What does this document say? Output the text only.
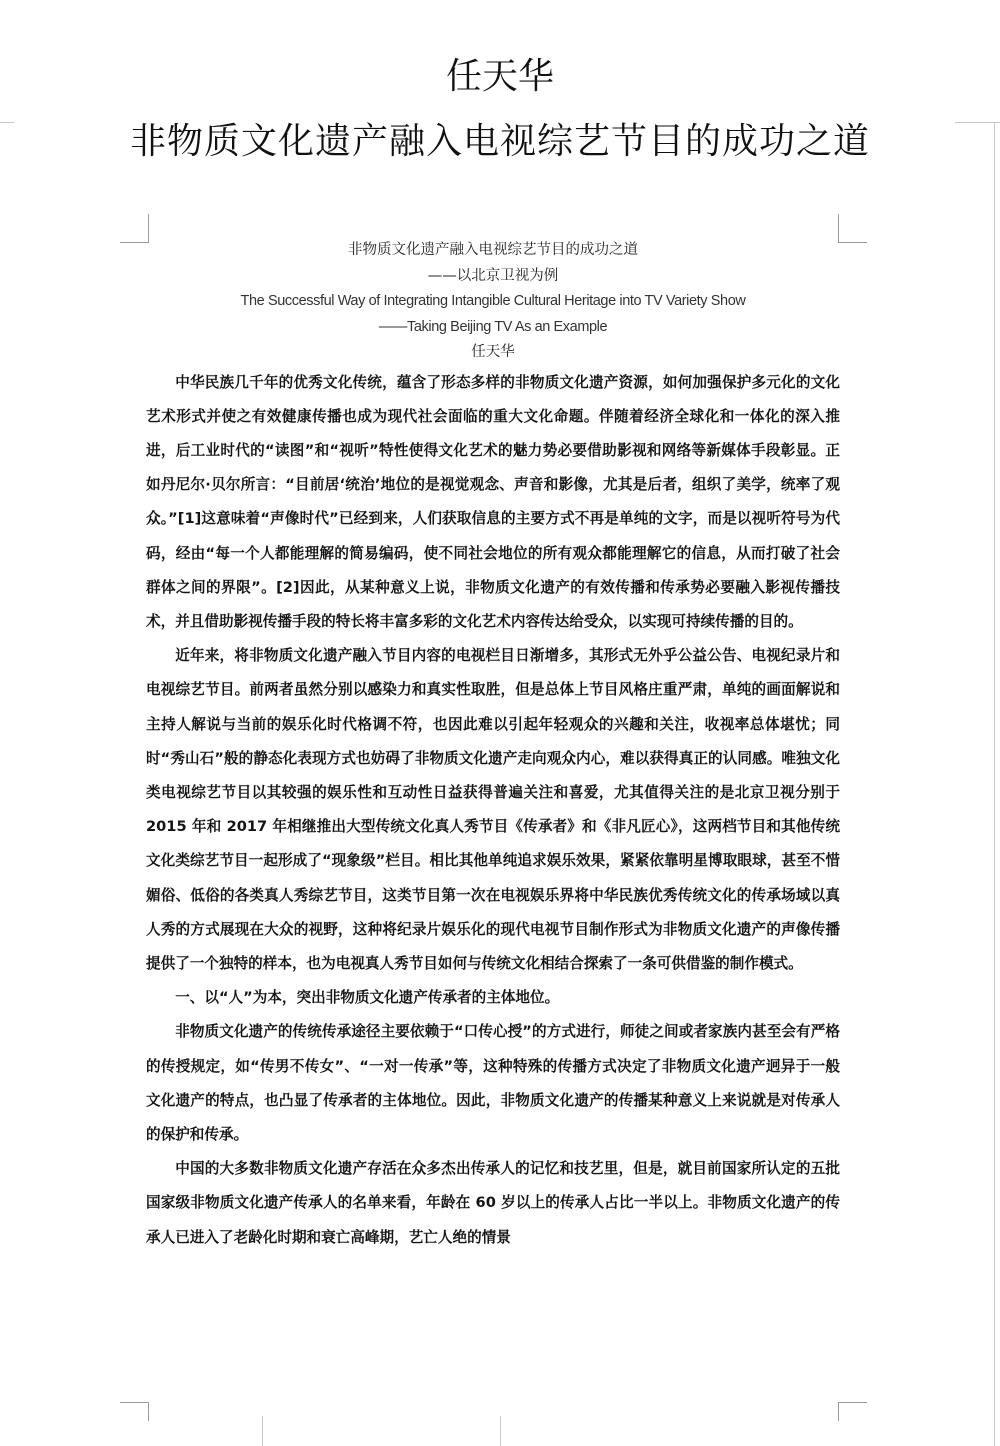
任天华
非物质文化遗产融入电视综艺节目的成功之道

非物质文化遗产融入电视综艺节目的成功之道

——以北京卫视为例

The Successful Way of Integrating Intangible Cultural Heritage into TV Variety Show

——Taking Beijing TV As an Example

任天华

中华民族几千年的优秀文化传统，蕴含了形态多样的非物质文化遗产资源，如何加强保护多元化的文化艺术形式并使之有效健康传播也成为现代社会面临的重大文化命题。伴随着经济全球化和一体化的深入推进，后工业时代的“读图”和“视听”特性使得文化艺术的魅力势必要借助影视和网络等新媒体手段彰显。正如丹尼尔·贝尔所言：“目前居‘统治’地位的是视觉观念、声音和影像，尤其是后者，组织了美学，统率了观众。”[1]这意味着“声像时代”已经到来，人们获取信息的主要方式不再是单纯的文字，而是以视听符号为代码，经由“每一个人都能理解的简易编码，使不同社会地位的所有观众都能理解它的信息，从而打破了社会群体之间的界限”。[2]因此，从某种意义上说，非物质文化遗产的有效传播和传承势必要融入影视传播技术，并且借助影视传播手段的特长将丰富多彩的文化艺术内容传达给受众，以实现可持续传播的目的。

近年来，将非物质文化遗产融入节目内容的电视栏目日渐增多，其形式无外乎公益公告、电视纪录片和电视综艺节目。前两者虽然分别以感染力和真实性取胜，但是总体上节目风格庄重严肃，单纯的画面解说和主持人解说与当前的娱乐化时代格调不符，也因此难以引起年轻观众的兴趣和关注，收视率总体堪忧；同时“秀山石”般的静态化表现方式也妨碍了非物质文化遗产走向观众内心，难以获得真正的认同感。唯独文化类电视综艺节目以其较强的娱乐性和互动性日益获得普遍关注和喜爱，尤其值得关注的是北京卫视分别于 2015 年和 2017 年相继推出大型传统文化真人秀节目《传承者》和《非凡匠心》，这两档节目和其他传统文化类综艺节目一起形成了“现象级”栏目。相比其他单纯追求娱乐效果，紧紧依靠明星博取眼球，甚至不惜媚俗、低俗的各类真人秀综艺节目，这类节目第一次在电视娱乐界将中华民族优秀传统文化的传承场域以真人秀的方式展现在大众的视野，这种将纪录片娱乐化的现代电视节目制作形式为非物质文化遗产的声像传播提供了一个独特的样本，也为电视真人秀节目如何与传统文化相结合探索了一条可供借鉴的制作模式。

一、以“人”为本，突出非物质文化遗产传承者的主体地位。

非物质文化遗产的传统传承途径主要依赖于“口传心授”的方式进行，师徒之间或者家族内甚至会有严格的传授规定，如“传男不传女”、“一对一传承”等，这种特殊的传播方式决定了非物质文化遗产迥异于一般文化遗产的特点，也凸显了传承者的主体地位。因此，非物质文化遗产的传播某种意义上来说就是对传承人的保护和传承。

中国的大多数非物质文化遗产存活在众多杰出传承人的记忆和技艺里，但是，就目前国家所认定的五批国家级非物质文化遗产传承人的名单来看，年龄在 60 岁以上的传承人占比一半以上。非物质文化遗产的传承人已进入了老龄化时期和衰亡高峰期，艺亡人绝的情景
